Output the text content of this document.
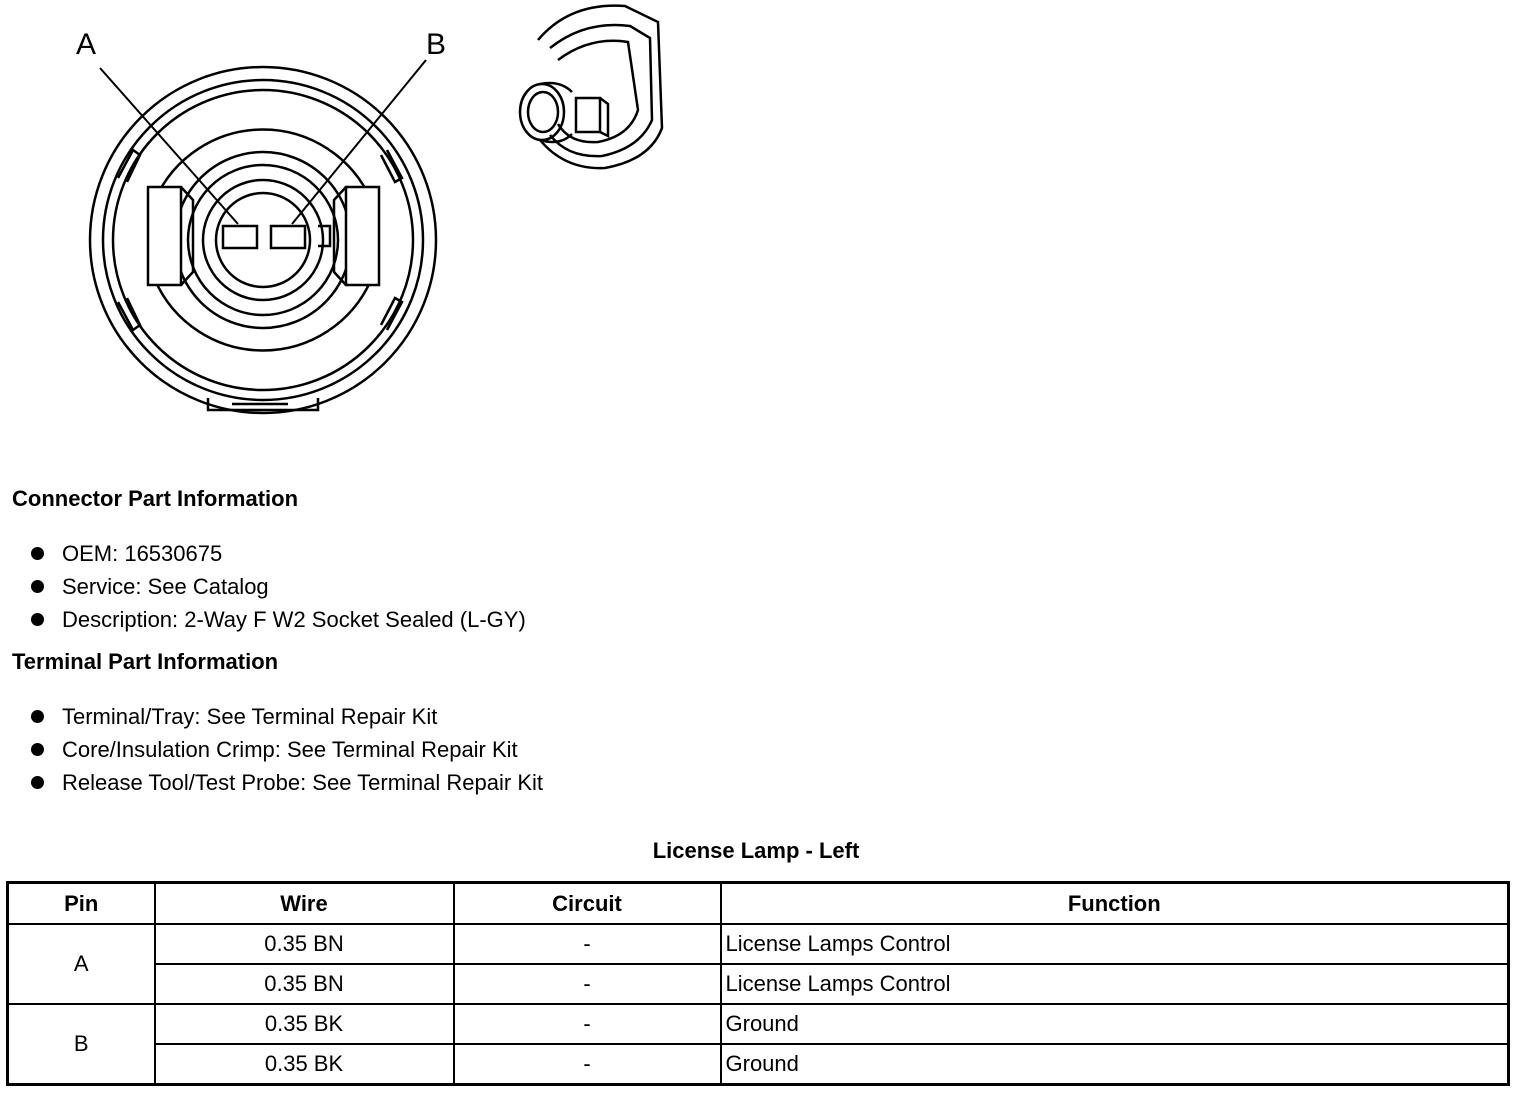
A	B
Connector Part Information
OEM: 16530675
Service: See Catalog
Description: 2-Way F W2 Socket Sealed (L-GY)
Terminal Part Information
Terminal/Tray: See Terminal Repair Kit
Core/Insulation Crimp: See Terminal Repair Kit
Release Tool/Test Probe: See Terminal Repair Kit
License Lamp - Left
Pin	Wire	Circuit	Function
A	0.35 BN	-	License Lamps Control
	0.35 BN	-	License Lamps Control
B	0.35 BK	-	Ground
	0.35 BK	-	Ground
